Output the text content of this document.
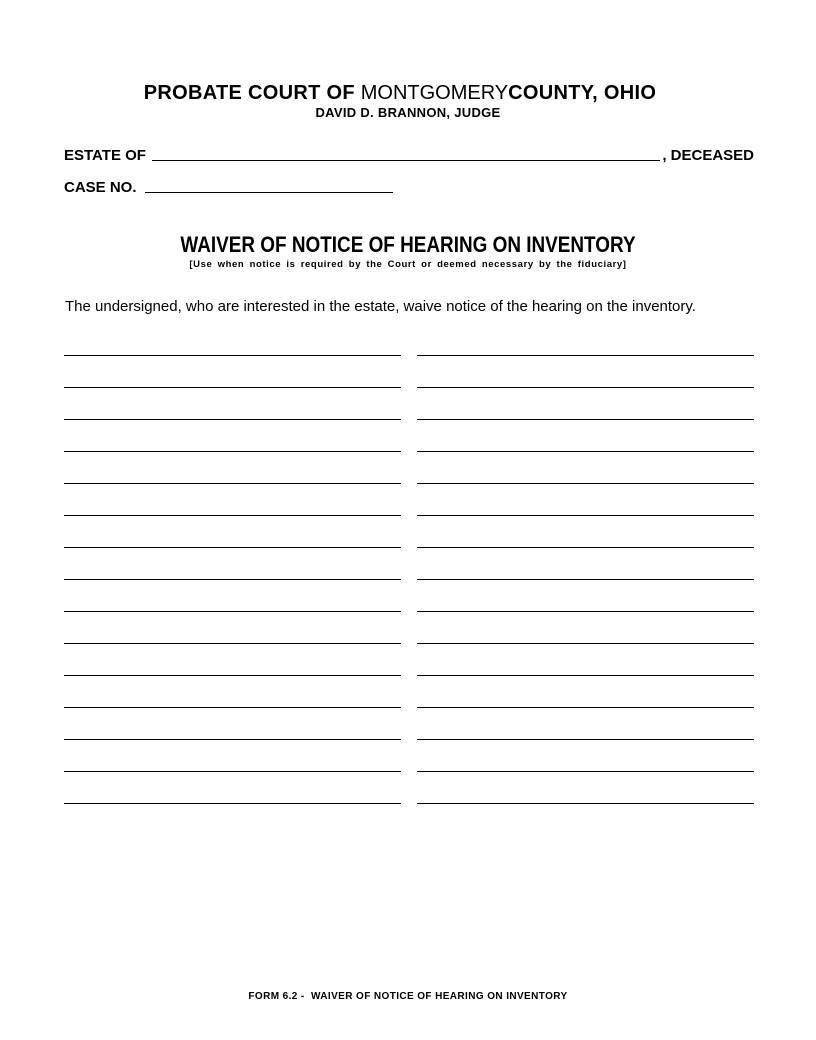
PROBATE COURT OF MONTGOMERYCOUNTY, OHIO
DAVID D. BRANNON, JUDGE
ESTATE OF	, DECEASED
CASE NO.
WAIVER OF NOTICE OF HEARING ON INVENTORY
[Use when notice is required by the Court or deemed necessary by the fiduciary]
The undersigned, who are interested in the estate, waive notice of the hearing on the inventory.
FORM 6.2 -  WAIVER OF NOTICE OF HEARING ON INVENTORY
